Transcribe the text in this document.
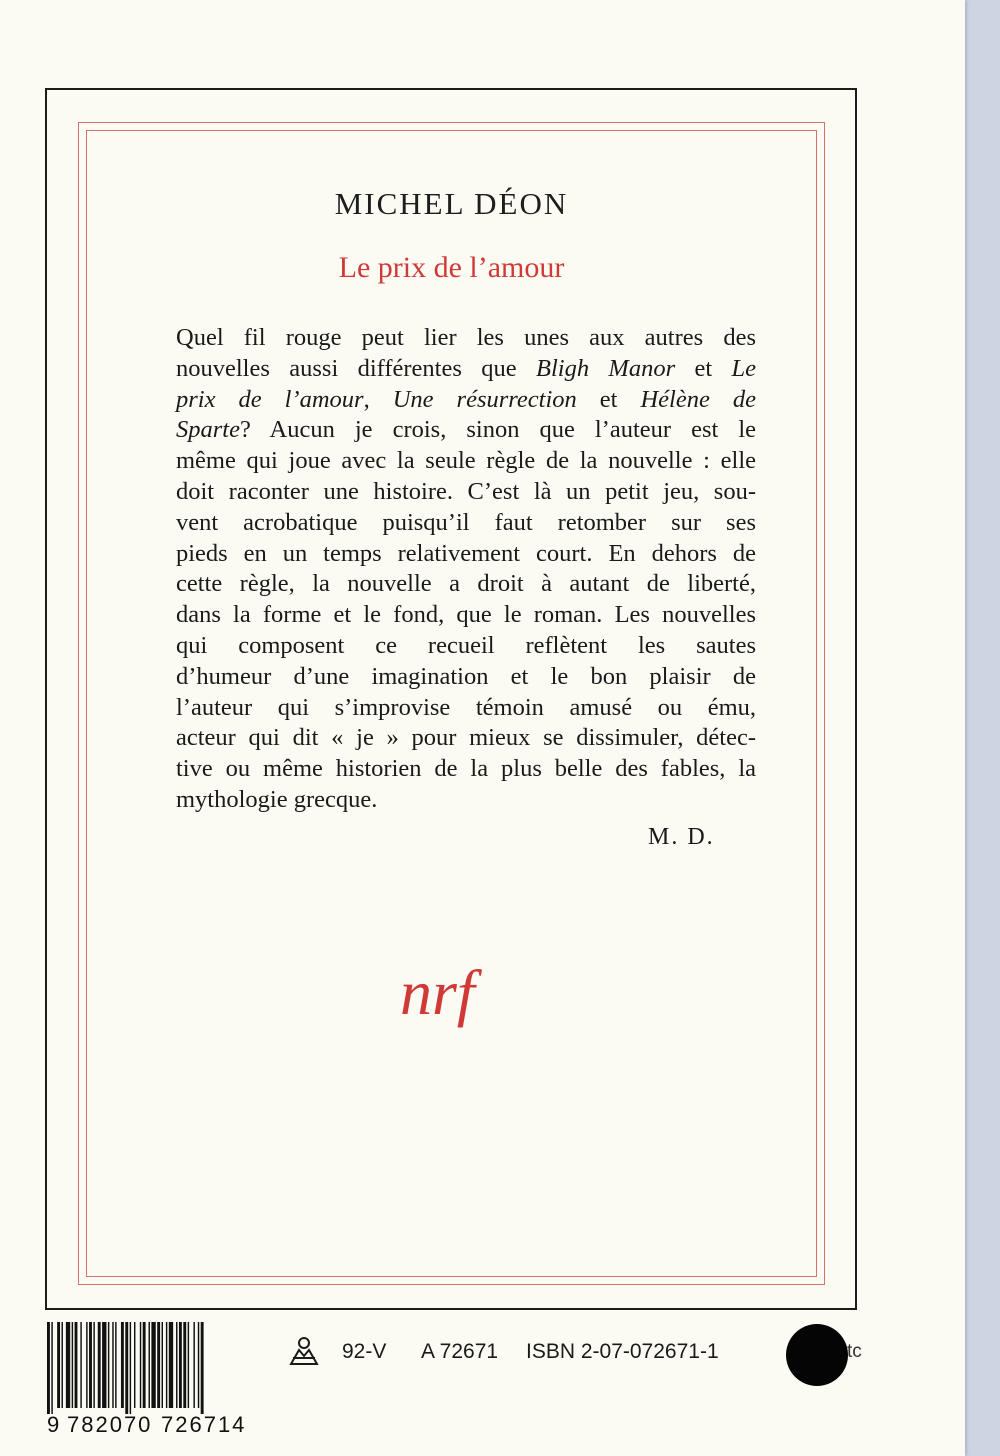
MICHEL DÉON
Le prix de l’amour
Quel fil rouge peut lier les unes aux autres des
nouvelles aussi différentes que Bligh Manor et Le
prix de l’amour, Une résurrection et Hélène de
Sparte? Aucun je crois, sinon que l’auteur est le
même qui joue avec la seule règle de la nouvelle : elle
doit raconter une histoire. C’est là un petit jeu, sou-
vent acrobatique puisqu’il faut retomber sur ses
pieds en un temps relativement court. En dehors de
cette règle, la nouvelle a droit à autant de liberté,
dans la forme et le fond, que le roman. Les nouvelles
qui composent ce recueil reflètent les sautes
d’humeur d’une imagination et le bon plaisir de
l’auteur qui s’improvise témoin amusé ou ému,
acteur qui dit « je » pour mieux se dissimuler, détec-
tive ou même historien de la plus belle des fables, la
mythologie grecque.
M. D.
nrf
9 782070 726714
92-V A 72671 ISBN 2-07-072671-1	tc
